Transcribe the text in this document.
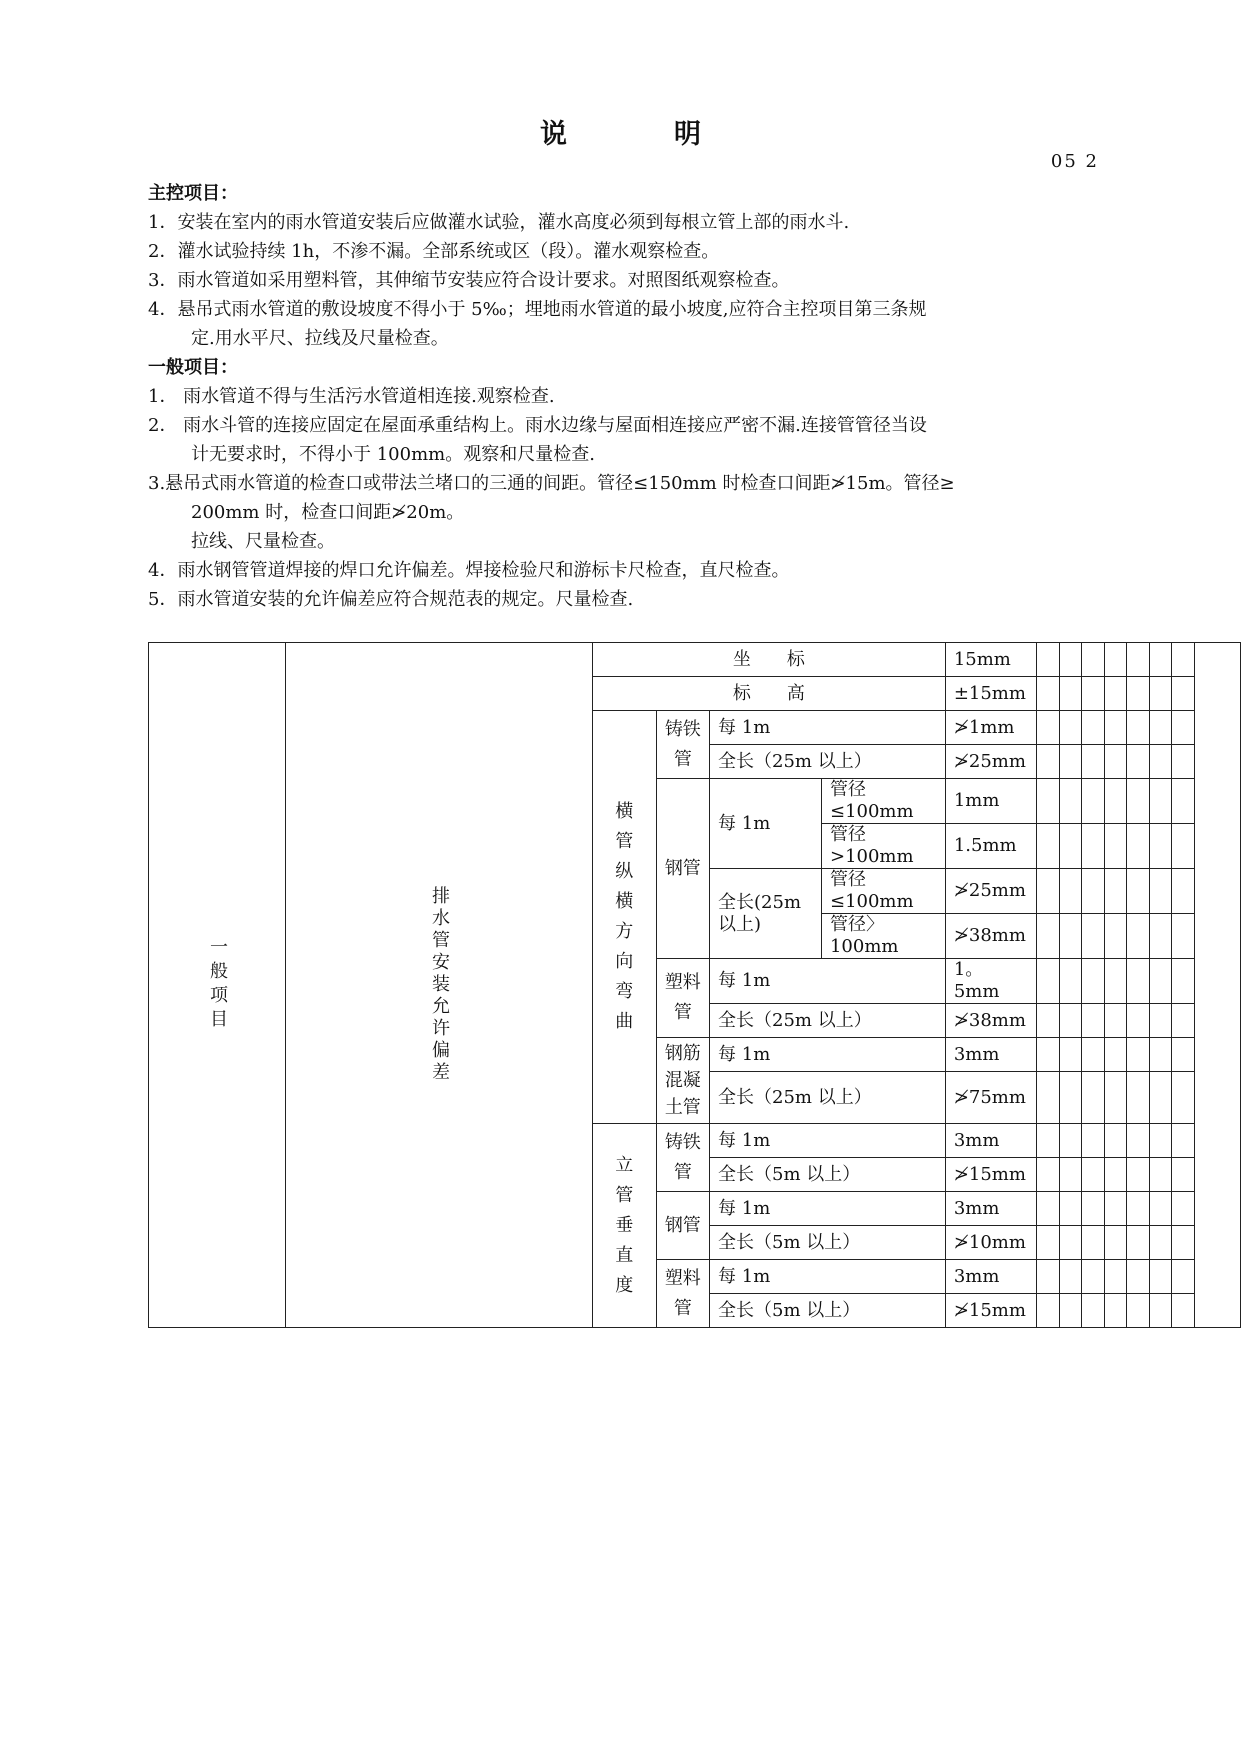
说　明
05 2
主控项目：
1．安装在室内的雨水管道安装后应做灌水试验，灌水高度必须到每根立管上部的雨水斗.
2．灌水试验持续 1h，不渗不漏。全部系统或区（段）。灌水观察检查。
3．雨水管道如采用塑料管，其伸缩节安装应符合设计要求。对照图纸观察检查。
4．悬吊式雨水管道的敷设坡度不得小于 5‰；埋地雨水管道的最小坡度,应符合主控项目第三条规
定.用水平尺、拉线及尺量检查。
一般项目：
1． 雨水管道不得与生活污水管道相连接.观察检查.
2． 雨水斗管的连接应固定在屋面承重结构上。雨水边缘与屋面相连接应严密不漏.连接管管径当设
计无要求时，不得小于 100mm。观察和尺量检查.
3.悬吊式雨水管道的检查口或带法兰堵口的三通的间距。管径≤150mm 时检查口间距≯15m。管径≥
200mm 时，检查口间距≯20m。
拉线、尺量检查。
4．雨水钢管管道焊接的焊口允许偏差。焊接检验尺和游标卡尺检查，直尺检查。
5．雨水管道安装的允许偏差应符合规范表的规定。尺量检查.
一般项目	排水管安装允许偏差	坐　　标				15mm								
		标　　高				±15mm								
		横管纵横方向弯曲	铸铁管	每 1m		≯1mm								
				全长（25m 以上）		≯25mm								
			钢管	每 1m	管径≤100mm	1mm								
					管径>100mm	1.5mm								
				全长(25m 以上)	管径≤100mm	≯25mm								
					管径〉100mm	≯38mm								
			塑料管	每 1m		1。5mm								
				全长（25m 以上）		≯38mm								
			钢筋混凝土管	每 1m		3mm								
				全长（25m 以上）		≯75mm								
		立管垂直度	铸铁管	每 1m		3mm								
				全长（5m 以上）		≯15mm								
			钢管	每 1m		3mm								
				全长（5m 以上）		≯10mm								
			塑料管	每 1m		3mm								
				全长（5m 以上）		≯15mm								
